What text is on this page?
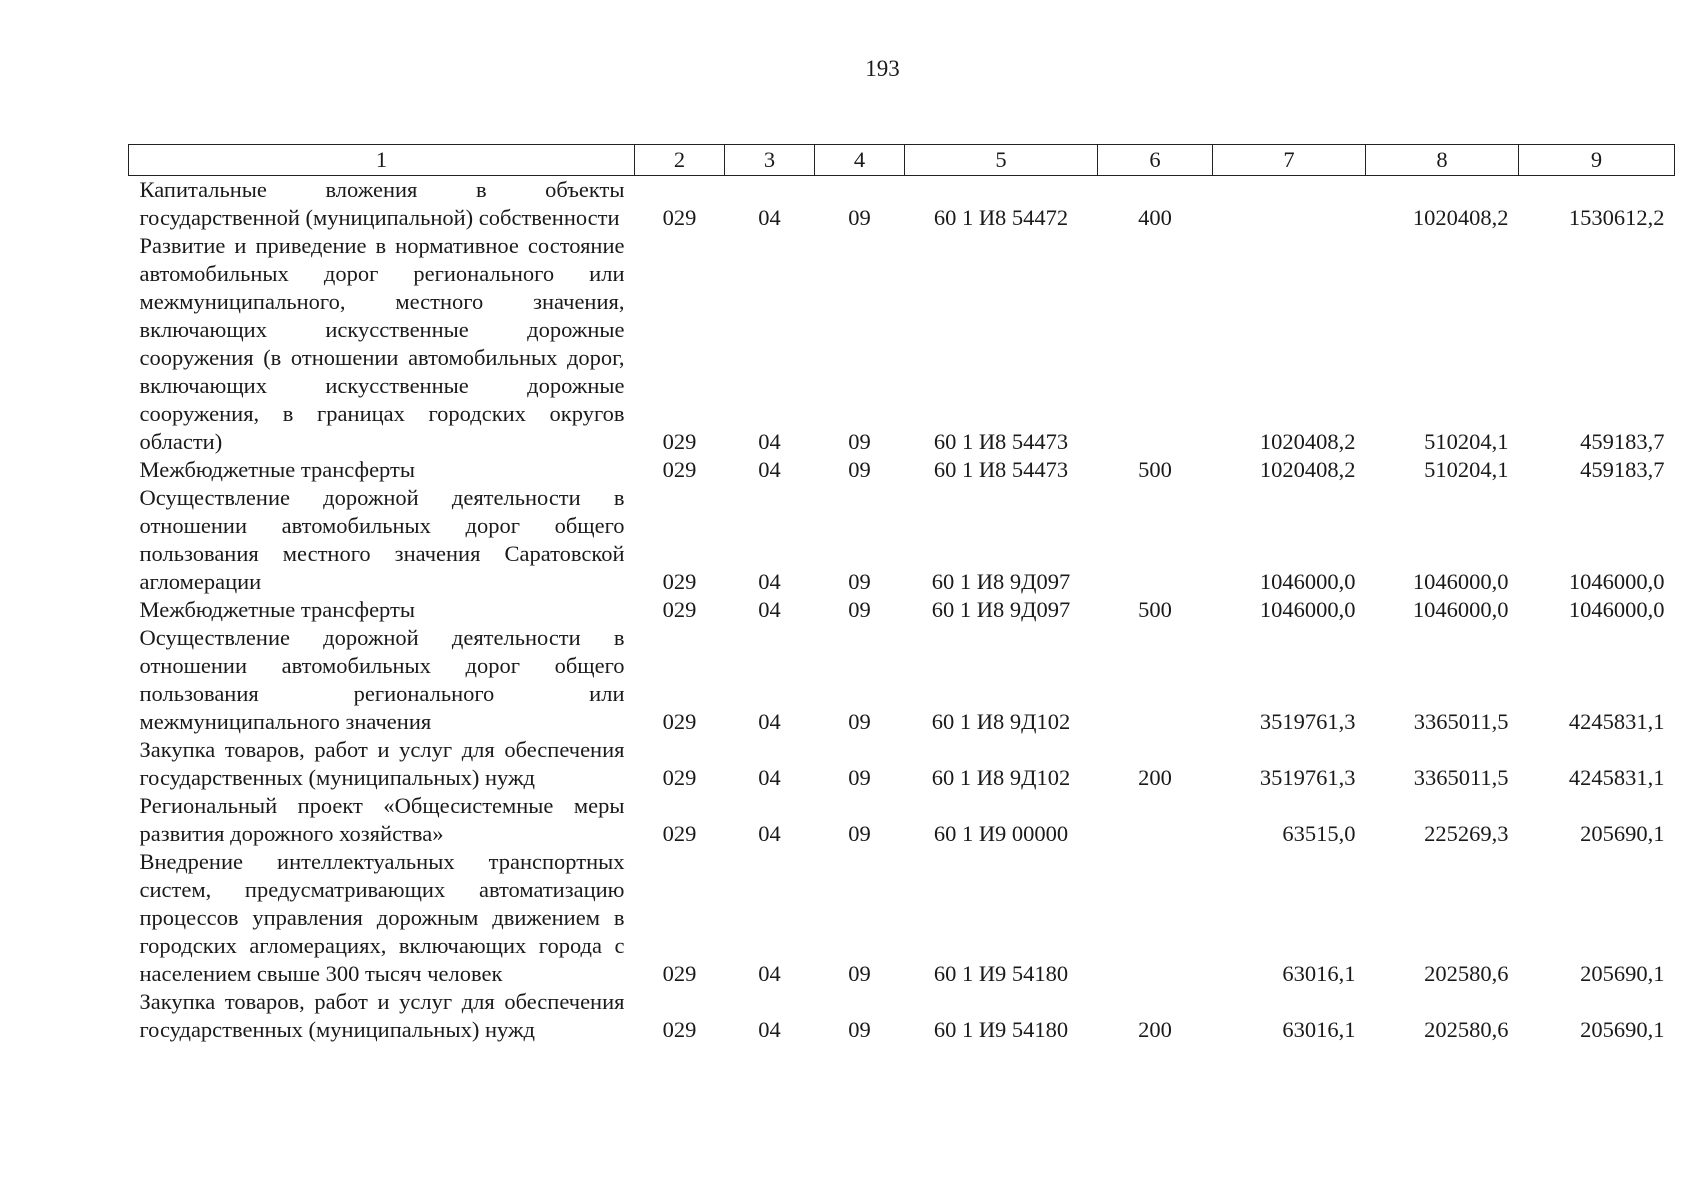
193
1	2	3	4	5	6	7	8	9
Капитальные вложения в объекты государственной (муниципальной) собственности	029	04	09	60 1 И8 54472	400		1020408,2	1530612,2
Развитие и приведение в нормативное состояние автомобильных дорог регионального или межмуниципального, местного значения, включающих искусственные дорожные сооружения (в отношении автомобильных дорог, включающих искусственные дорожные сооружения, в границах городских округов области)	029	04	09	60 1 И8 54473		1020408,2	510204,1	459183,7
Межбюджетные трансферты	029	04	09	60 1 И8 54473	500	1020408,2	510204,1	459183,7
Осуществление дорожной деятельности в отношении автомобильных дорог общего пользования местного значения Саратовской агломерации	029	04	09	60 1 И8 9Д097		1046000,0	1046000,0	1046000,0
Межбюджетные трансферты	029	04	09	60 1 И8 9Д097	500	1046000,0	1046000,0	1046000,0
Осуществление дорожной деятельности в отношении автомобильных дорог общего пользования регионального или межмуниципального значения	029	04	09	60 1 И8 9Д102		3519761,3	3365011,5	4245831,1
Закупка товаров, работ и услуг для обеспечения государственных (муниципальных) нужд	029	04	09	60 1 И8 9Д102	200	3519761,3	3365011,5	4245831,1
Региональный проект «Общесистемные меры развития дорожного хозяйства»	029	04	09	60 1 И9 00000		63515,0	225269,3	205690,1
Внедрение интеллектуальных транспортных систем, предусматривающих автоматизацию процессов управления дорожным движением в городских агломерациях, включающих города с населением свыше 300 тысяч человек	029	04	09	60 1 И9 54180		63016,1	202580,6	205690,1
Закупка товаров, работ и услуг для обеспечения государственных (муниципальных) нужд	029	04	09	60 1 И9 54180	200	63016,1	202580,6	205690,1
